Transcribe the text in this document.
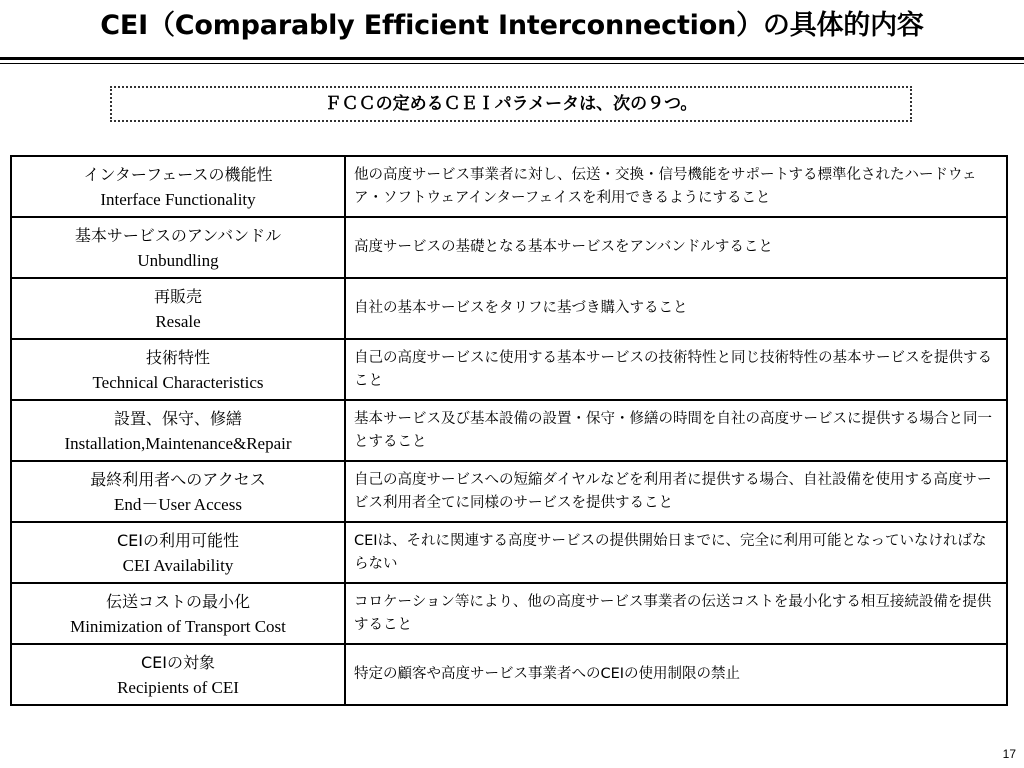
CEI（Comparably Efficient Interconnection）の具体的内容
ＦＣＣの定めるＣＥＩパラメータは、次の９つ。
インターフェースの機能性
Interface Functionality	他の高度サービス事業者に対し、伝送・交換・信号機能をサポートする標準化されたハードウェア・ソフトウェアインターフェイスを利用できるようにすること

基本サービスのアンバンドル
Unbundling	高度サービスの基礎となる基本サービスをアンバンドルすること

再販売
Resale	自社の基本サービスをタリフに基づき購入すること

技術特性
Technical Characteristics	自己の高度サービスに使用する基本サービスの技術特性と同じ技術特性の基本サービスを提供すること

設置、保守、修繕
Installation,Maintenance&Repair	基本サービス及び基本設備の設置・保守・修繕の時間を自社の高度サービスに提供する場合と同一とすること

最終利用者へのアクセス
End－User Access	自己の高度サービスへの短縮ダイヤルなどを利用者に提供する場合、自社設備を使用する高度サービス利用者全てに同様のサービスを提供すること

CEIの利用可能性
CEI Availability	CEIは、それに関連する高度サービスの提供開始日までに、完全に利用可能となっていなければならない

伝送コストの最小化
Minimization of Transport Cost	コロケーション等により、他の高度サービス事業者の伝送コストを最小化する相互接続設備を提供すること

CEIの対象
Recipients of CEI	特定の顧客や高度サービス事業者へのCEIの使用制限の禁止
17
